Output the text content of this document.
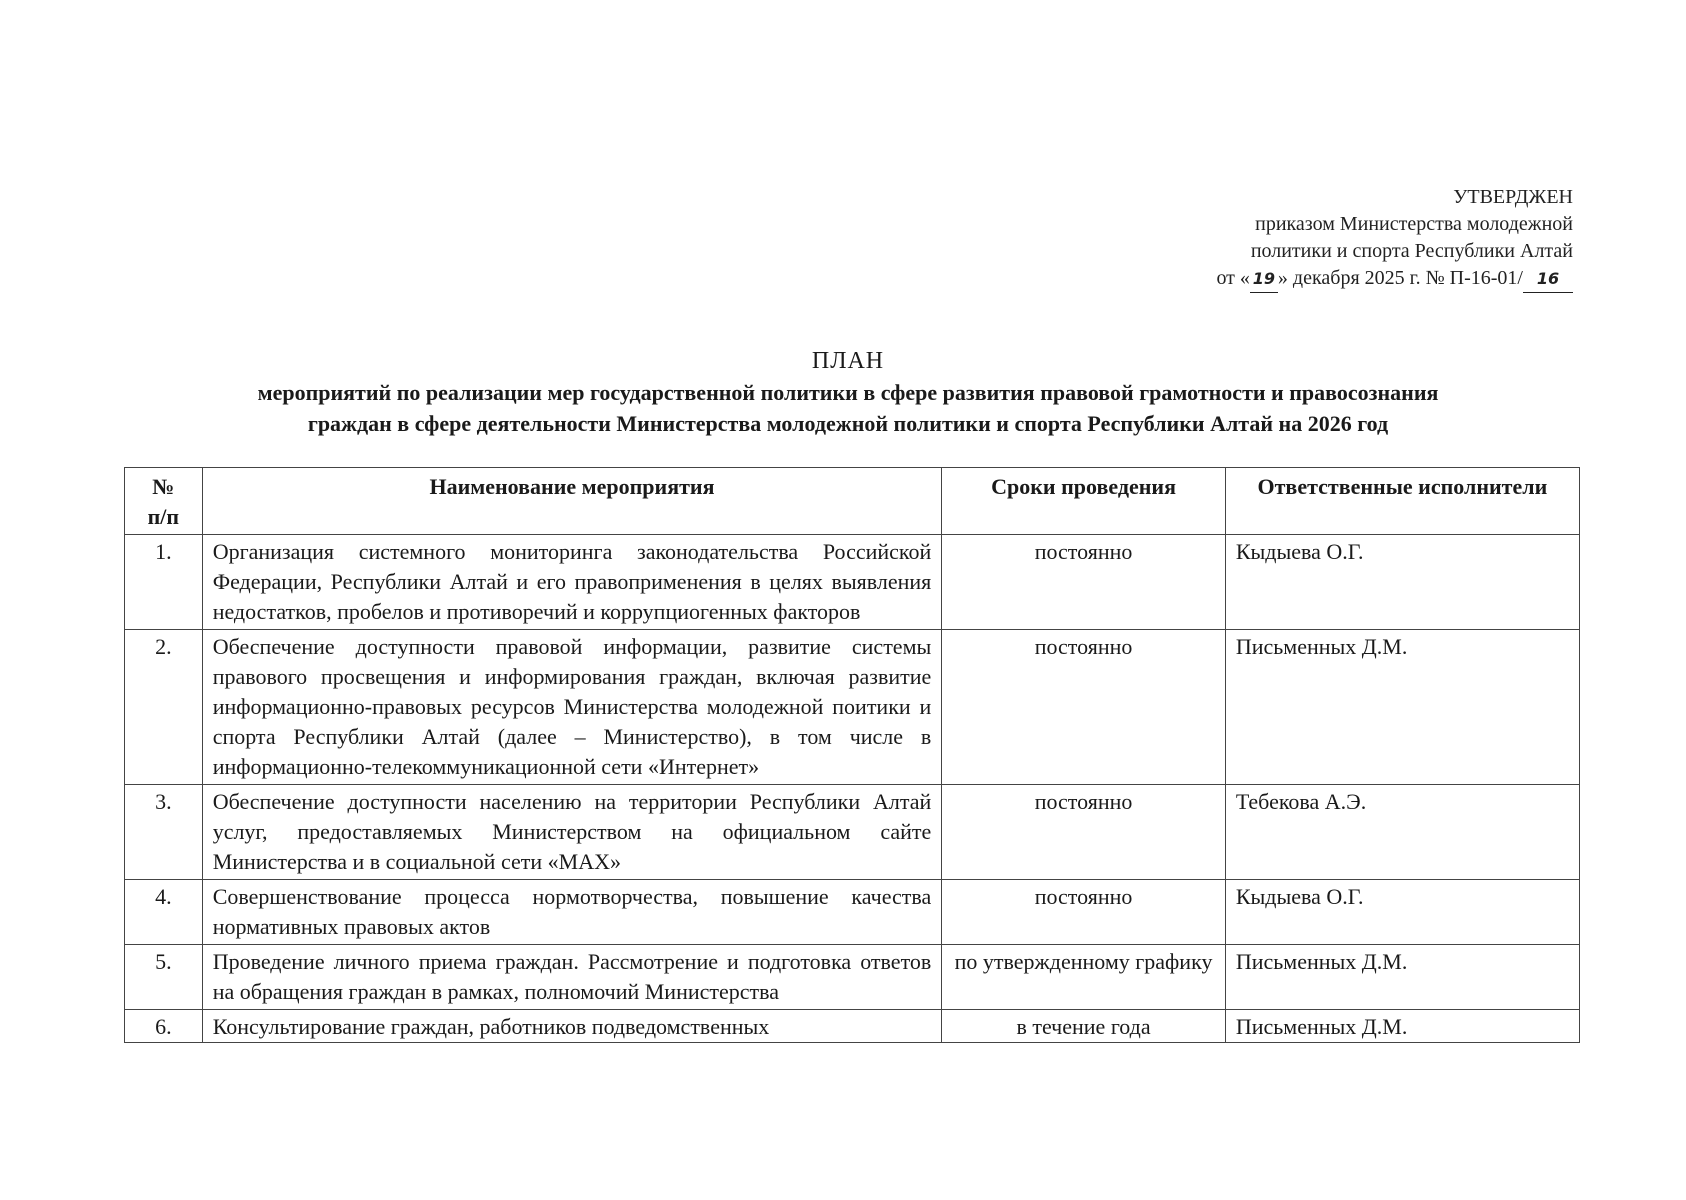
УТВЕРДЖЕН
приказом Министерства молодежной
политики и спорта Республики Алтай
от « 19 » декабря 2025 г. № П-16-01/ 16
ПЛАН
мероприятий по реализации мер государственной политики в сфере развития правовой грамотности и правосознания
граждан в сфере деятельности Министерства молодежной политики и спорта Республики Алтай на 2026 год
№
п/п	Наименование мероприятия	Сроки проведения	Ответственные исполнители
1.	Организация системного мониторинга законодательства Российской Федерации, Республики Алтай и его правоприменения в целях выявления недостатков, пробелов и противоречий и коррупциогенных факторов	постоянно	Кыдыева О.Г.
2.	Обеспечение доступности правовой информации, развитие системы правового просвещения и информирования граждан, включая развитие информационно-правовых ресурсов Министерства молодежной поитики и спорта Республики Алтай (далее – Министерство), в том числе в информационно-телекоммуникационной сети «Интернет»	постоянно	Письменных Д.М.
3.	Обеспечение доступности населению на территории Республики Алтай услуг, предоставляемых Министерством на официальном сайте Министерства и в социальной сети «MAX»	постоянно	Тебекова А.Э.
4.	Совершенствование процесса нормотворчества, повышение качества нормативных правовых актов	постоянно	Кыдыева О.Г.
5.	Проведение личного приема граждан. Рассмотрение и подготовка ответов на обращения граждан в рамках, полномочий Министерства	по утвержденному графику	Письменных Д.М.
6.	Консультирование граждан, работников подведомственных	в течение года	Письменных Д.М.
